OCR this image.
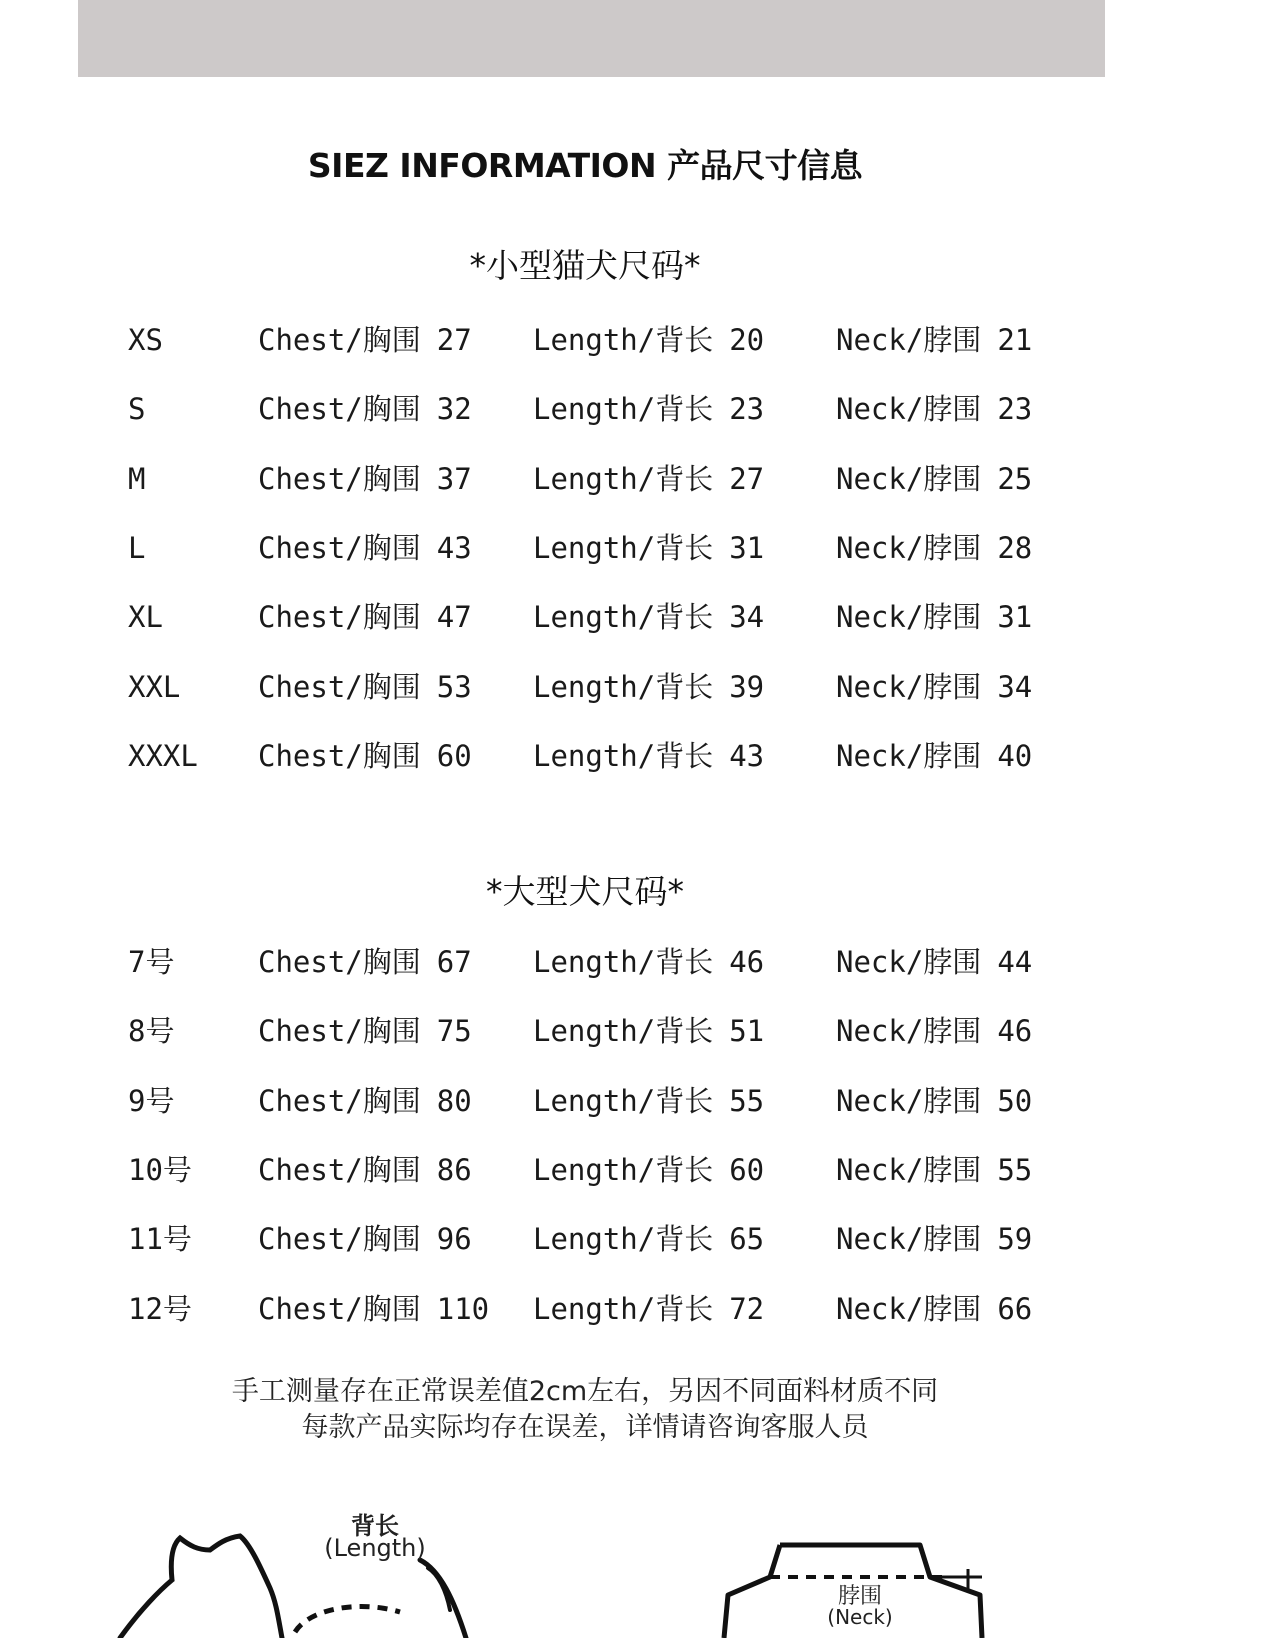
SIEZ INFORMATION 产品尺寸信息
*小型猫犬尺码*
XS	Chest/胸围 27 Length/背长 20 Neck/脖围 21
S	Chest/胸围 32 Length/背长 23 Neck/脖围 23
M	Chest/胸围 37 Length/背长 27 Neck/脖围 25
L	Chest/胸围 43 Length/背长 31 Neck/脖围 28
XL	Chest/胸围 47 Length/背长 34 Neck/脖围 31
XXL	Chest/胸围 53 Length/背长 39 Neck/脖围 34
XXXL Chest/胸围 60 Length/背长 43 Neck/脖围 40
*大型犬尺码*
7号	Chest/胸围 67 Length/背长 46 Neck/脖围 44
8号	Chest/胸围 75 Length/背长 51 Neck/脖围 46
9号	Chest/胸围 80 Length/背长 55 Neck/脖围 50
10号 Chest/胸围 86 Length/背长 60 Neck/脖围 55
11号 Chest/胸围 96 Length/背长 65 Neck/脖围 59
12号 Chest/胸围 110 Length/背长 72 Neck/脖围 66
手工测量存在正常误差值2cm左右，另因不同面料材质不同
每款产品实际均存在误差，详情请咨询客服人员
背长
(Length)
脖围
(Neck)
